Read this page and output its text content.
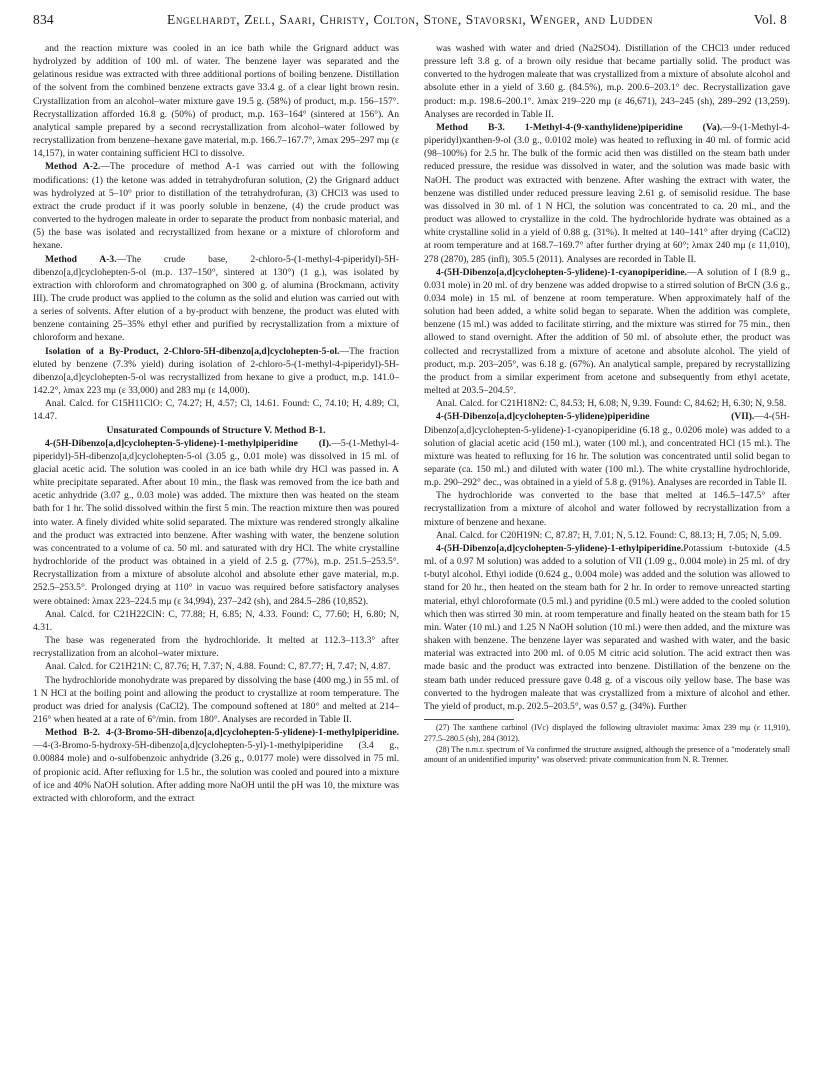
834	Engelhardt, Zell, Saari, Christy, Colton, Stone, Stavorski, Wenger, and Ludden	Vol. 8

and the reaction mixture was cooled in an ice bath while the Grignard adduct was hydrolyzed by addition of 100 ml. of water. The benzene layer was separated and the gelatinous residue was extracted with three additional portions of boiling benzene. Distillation of the solvent from the combined benzene extracts gave 33.4 g. of a clear light brown resin. Crystallization from an alcohol–water mixture gave 19.5 g. (58%) of product, m.p. 156–157°. Recrystallization afforded 16.8 g. (50%) of product, m.p. 163–164° (sintered at 156°). An analytical sample prepared by a second recrystallization from alcohol–water followed by recrystallization from benzene–hexane gave material, m.p. 166.7–167.7°, λmax 295–297 mμ (ε 14,157), in water containing sufficient HCl to dissolve.

Method A-2.—The procedure of method A-1 was carried out with the following modifications: (1) the ketone was added in tetrahydrofuran solution, (2) the Grignard adduct was hydrolyzed at 5–10° prior to distillation of the tetrahydrofuran, (3) CHCl3 was used to extract the crude product if it was poorly soluble in benzene, (4) the crude product was converted to the hydrogen maleate in order to separate the product from nonbasic material, and (5) the base was isolated and recrystallized from hexane or a mixture of chloroform and hexane.

Method A-3.—The crude base, 2-chloro-5-(1-methyl-4-piperidyl)-5H-dibenzo[a,d]cyclohepten-5-ol (m.p. 137–150°, sintered at 130°) (1 g.), was isolated by extraction with chloroform and chromatographed on 300 g. of alumina (Brockmann, activity III). The crude product was applied to the column as the solid and elution was carried out with a series of solvents. After elution of a by-product with benzene, the product was eluted with benzene containing 25–35% ethyl ether and purified by recrystallization from a mixture of chloroform and hexane.

Isolation of a By-Product, 2-Chloro-5H-dibenzo[a,d]cyclohepten-5-ol.—The fraction eluted by benzene (7.3% yield) during isolation of 2-chloro-5-(1-methyl-4-piperidyl)-5H-dibenzo[a,d]cyclohepten-5-ol was recrystallized from hexane to give a product, m.p. 141.0–142.2°, λmax 223 mμ (ε 33,000) and 283 mμ (ε 14,000).

Anal. Calcd. for C15H11ClO: C, 74.27; H, 4.57; Cl, 14.61. Found: C, 74.10; H, 4.89; Cl, 14.47.

Unsaturated Compounds of Structure V. Method B-1.

4-(5H-Dibenzo[a,d]cyclohepten-5-ylidene)-1-methylpiperidine (I).—5-(1-Methyl-4-piperidyl)-5H-dibenzo[a,d]cyclohepten-5-ol (3.05 g., 0.01 mole) was dissolved in 15 ml. of glacial acetic acid. The solution was cooled in an ice bath while dry HCl was passed in. A white precipitate separated. After about 10 min., the flask was removed from the ice bath and acetic anhydride (3.07 g., 0.03 mole) was added. The mixture then was heated on the steam bath for 1 hr. The solid dissolved within the first 5 min. The reaction mixture then was poured into water. A finely divided white solid separated. The mixture was rendered strongly alkaline and the product was extracted into benzene. After washing with water, the benzene solution was concentrated to a volume of ca. 50 ml. and saturated with dry HCl. The white crystalline hydrochloride of the product was obtained in a yield of 2.5 g. (77%), m.p. 251.5–253.5°. Recrystallization from a mixture of absolute alcohol and absolute ether gave material, m.p. 252.5–253.5°. Prolonged drying at 110° in vacuo was required before satisfactory analyses were obtained: λmax 223–224.5 mμ (ε 34,994), 237–242 (sh), and 284.5–286 (10,852).

Anal. Calcd. for C21H22ClN: C, 77.88; H, 6.85; N, 4.33. Found: C, 77.60; H, 6.80; N, 4.31.

The base was regenerated from the hydrochloride. It melted at 112.3–113.3° after recrystallization from an alcohol–water mixture.

Anal. Calcd. for C21H21N: C, 87.76; H, 7.37; N, 4.88. Found: C, 87.77; H, 7.47; N, 4.87.

The hydrochloride monohydrate was prepared by dissolving the base (400 mg.) in 55 ml. of 1 N HCl at the boiling point and allowing the product to crystallize at room temperature. The product was dried for analysis (CaCl2). The compound softened at 180° and melted at 214–216° when heated at a rate of 6°/min. from 180°. Analyses are recorded in Table II.

Method B-2. 4-(3-Bromo-5H-dibenzo[a,d]cyclohepten-5-ylidene)-1-methylpiperidine.—4-(3-Bromo-5-hydroxy-5H-dibenzo[a,d]cyclohepten-5-yl)-1-methylpiperidine (3.4 g., 0.00884 mole) and o-sulfobenzoic anhydride (3.26 g., 0.0177 mole) were dissolved in 75 ml. of propionic acid. After refluxing for 1.5 hr., the solution was cooled and poured into a mixture of ice and 40% NaOH solution. After adding more NaOH until the pH was 10, the mixture was extracted with chloroform, and the extract

was washed with water and dried (Na2SO4). Distillation of the CHCl3 under reduced pressure left 3.8 g. of a brown oily residue that became partially solid. The product was converted to the hydrogen maleate that was crystallized from a mixture of absolute alcohol and absolute ether in a yield of 3.60 g. (84.5%), m.p. 200.6–203.1° dec. Recrystallization gave product: m.p. 198.6–200.1°. λmax 219–220 mμ (ε 46,671), 243–245 (sh), 289–292 (13,259). Analyses are recorded in Table II.

Method B-3. 1-Methyl-4-(9-xanthylidene)piperidine (Va).—9-(1-Methyl-4-piperidyl)xanthen-9-ol (3.0 g., 0.0102 mole) was heated to refluxing in 40 ml. of formic acid (98–100%) for 2.5 hr. The bulk of the formic acid then was distilled on the steam bath under reduced pressure, the residue was dissolved in water, and the solution was made basic with NaOH. The product was extracted with benzene. After washing the extract with water, the benzene was distilled under reduced pressure leaving 2.61 g. of semisolid residue. The base was dissolved in 30 ml. of 1 N HCl, the solution was concentrated to ca. 20 ml., and the product was allowed to crystallize in the cold. The hydrochloride hydrate was obtained as a white crystalline solid in a yield of 0.88 g. (31%). It melted at 140–141° after drying (CaCl2) at room temperature and at 168.7–169.7° after further drying at 60°; λmax 240 mμ (ε 11,010), 278 (2870), 285 (infl), 305.5 (2011). Analyses are recorded in Table II.

4-(5H-Dibenzo[a,d]cyclohepten-5-ylidene)-1-cyanopiperidine.—A solution of I (8.9 g., 0.031 mole) in 20 ml. of dry benzene was added dropwise to a stirred solution of BrCN (3.6 g., 0.034 mole) in 15 ml. of benzene at room temperature. When approximately half of the solution had been added, a white solid began to separate. When the addition was complete, benzene (15 ml.) was added to facilitate stirring, and the mixture was stirred for 75 min., then allowed to stand overnight. After the addition of 50 ml. of absolute ether, the product was collected and recrystallized from a mixture of acetone and absolute alcohol. The yield of product, m.p. 203–205°, was 6.18 g. (67%). An analytical sample, prepared by recrystallizing the product from a similar experiment from acetone and subsequently from ethyl acetate, melted at 203.5–204.5°.

Anal. Calcd. for C21H18N2: C, 84.53; H, 6.08; N, 9.39. Found: C, 84.62; H, 6.30; N, 9.58.

4-(5H-Dibenzo[a,d]cyclohepten-5-ylidene)piperidine (VII).—4-(5H-Dibenzo[a,d]cyclohepten-5-ylidene)-1-cyanopiperidine (6.18 g., 0.0206 mole) was added to a solution of glacial acetic acid (150 ml.), water (100 ml.), and concentrated HCl (15 ml.). The mixture was heated to refluxing for 16 hr. The solution was concentrated until solid began to separate (ca. 150 ml.) and diluted with water (100 ml.). The white crystalline hydrochloride, m.p. 290–292° dec., was obtained in a yield of 5.8 g. (91%). Analyses are recorded in Table II.

The hydrochloride was converted to the base that melted at 146.5–147.5° after recrystallization from a mixture of alcohol and water followed by recrystallization from a mixture of benzene and hexane.

Anal. Calcd. for C20H19N: C, 87.87; H, 7.01; N, 5.12. Found: C, 88.13; H, 7.05; N, 5.09.

4-(5H-Dibenzo[a,d]cyclohepten-5-ylidene)-1-ethylpiperidine.Potassium t-butoxide (4.5 ml. of a 0.97 M solution) was added to a solution of VII (1.09 g., 0.004 mole) in 25 ml. of dry t-butyl alcohol. Ethyl iodide (0.624 g., 0.004 mole) was added and the solution was allowed to stand for 20 hr., then heated on the steam bath for 2 hr. In order to remove unreacted starting material, ethyl chloroformate (0.5 ml.) and pyridine (0.5 ml.) were added to the cooled solution which then was stirred 30 min. at room temperature and finally heated on the steam bath for 15 min. Water (10 ml.) and 1.25 N NaOH solution (10 ml.) were then added, and the mixture was shaken with benzene. The benzene layer was separated and washed with water, and the basic material was extracted into 200 ml. of 0.05 M citric acid solution. The acid extract then was made basic and the product was extracted into benzene. Distillation of the benzene on the steam bath under reduced pressure gave 0.48 g. of a viscous oily yellow base. The base was converted to the hydrogen maleate that was crystallized from a mixture of alcohol and ether. The yield of product, m.p. 202.5–203.5°, was 0.57 g. (34%). Further

(27) The xanthene carbinol (IVc) displayed the following ultraviolet maxima: λmax 239 mμ (ε 11,910), 277.5–280.5 (sh), 284 (3012).

(28) The n.m.r. spectrum of Va confirmed the structure assigned, although the presence of a "moderately small amount of an unidentified impurity" was observed: private communication from N. R. Trenner.
